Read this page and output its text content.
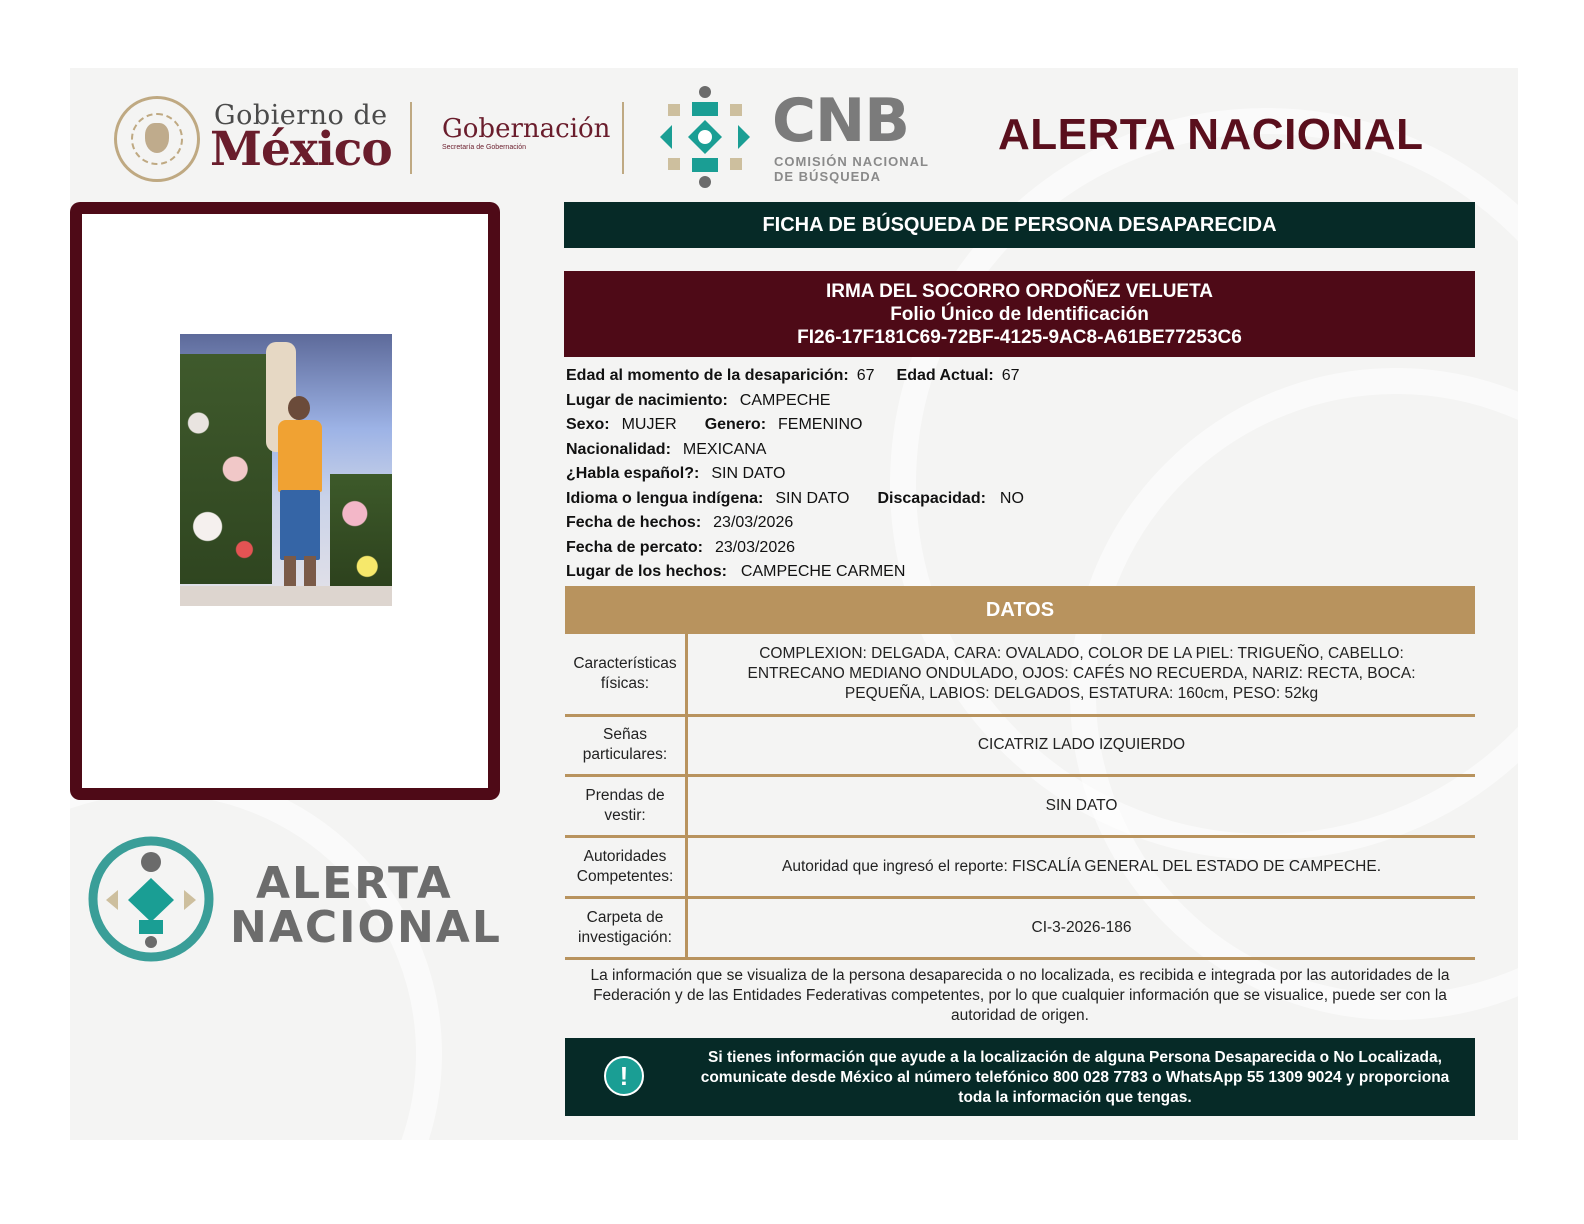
Gobierno de
México Gobernación
Secretaría de Gobernación	CNB
COMISIÓN NACIONAL
DE BÚSQUEDA
ALERTA NACIONAL
ALERTA
NACIONAL
FICHA DE BÚSQUEDA DE PERSONA DESAPARECIDA
IRMA DEL SOCORRO ORDOÑEZ VELUETA
Folio Único de Identificación
FI26-17F181C69-72BF-4125-9AC8-A61BE77253C6
Edad al momento de la desaparición: 67 Edad Actual: 67
Lugar de nacimiento: CAMPECHE
Sexo: MUJER Genero: FEMENINO
Nacionalidad: MEXICANA
¿Habla español?: SIN DATO
Idioma o lengua indígena: SIN DATO Discapacidad: NO
Fecha de hechos: 23/03/2026
Fecha de percato: 23/03/2026
Lugar de los hechos: CAMPECHE CARMEN
DATOS
Características
físicas:	COMPLEXION: DELGADA, CARA: OVALADO, COLOR DE LA PIEL: TRIGUEÑO, CABELLO: ENTRECANO MEDIANO ONDULADO, OJOS: CAFÉS NO RECUERDA, NARIZ: RECTA, BOCA: PEQUEÑA, LABIOS: DELGADOS, ESTATURA: 160cm, PESO: 52kg

Señas
particulares:	CICATRIZ LADO IZQUIERDO

Prendas de
vestir:	SIN DATO

Autoridades
Competentes:	Autoridad que ingresó el reporte: FISCALÍA GENERAL DEL ESTADO DE CAMPECHE.

Carpeta de
investigación:	CI-3-2026-186
La información que se visualiza de la persona desaparecida o no localizada, es recibida e integrada por las autoridades de la Federación y de las Entidades Federativas competentes, por lo que cualquier información que se visualice, puede ser con la autoridad de origen.
!
Si tienes información que ayude a la localización de alguna Persona Desaparecida o No Localizada, comunicate desde México al número telefónico 800 028 7783 o WhatsApp 55 1309 9024 y proporciona toda la información que tengas.
